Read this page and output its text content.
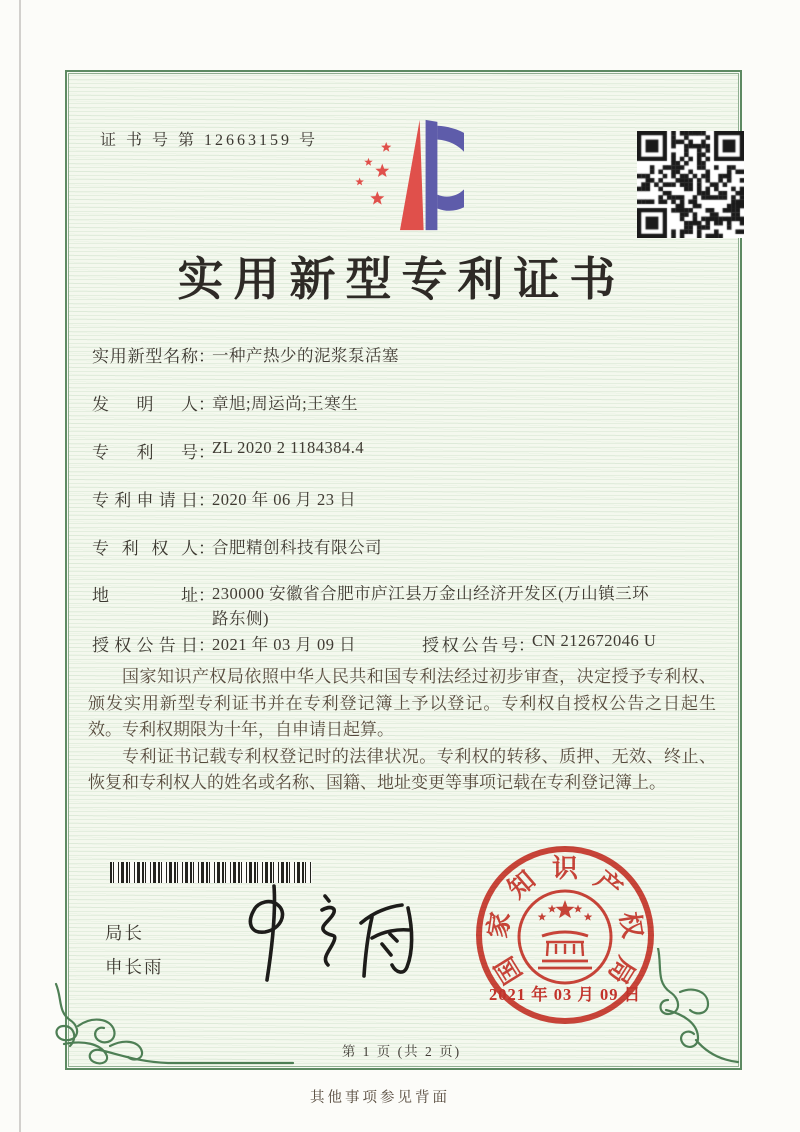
证 书 号 第 12663159 号
实用新型专利证书
实用新型名称：一种产热少的泥浆泵活塞
发明人：章旭;周运尚;王寒生
专利号：ZL 2020 2 1184384.4
专利申请日：2020 年 06 月 23 日
专利权人：合肥精创科技有限公司
地址：230000 安徽省合肥市庐江县万金山经济开发区(万山镇三环路东侧)
授权公告日：2021 年 03 月 09 日	授权公告号：CN 212672046 U

国家知识产权局依照中华人民共和国专利法经过初步审查，决定授予专利权、颁发实用新型专利证书并在专利登记簿上予以登记。专利权自授权公告之日起生效。专利权期限为十年，自申请日起算。

专利证书记载专利权登记时的法律状况。专利权的转移、质押、无效、终止、恢复和专利权人的姓名或名称、国籍、地址变更等事项记载在专利登记簿上。

局长
申长雨	国
家
知 识 产
权
局
2021 年 03 月 09 日
第 1 页 (共 2 页)
其他事项参见背面
